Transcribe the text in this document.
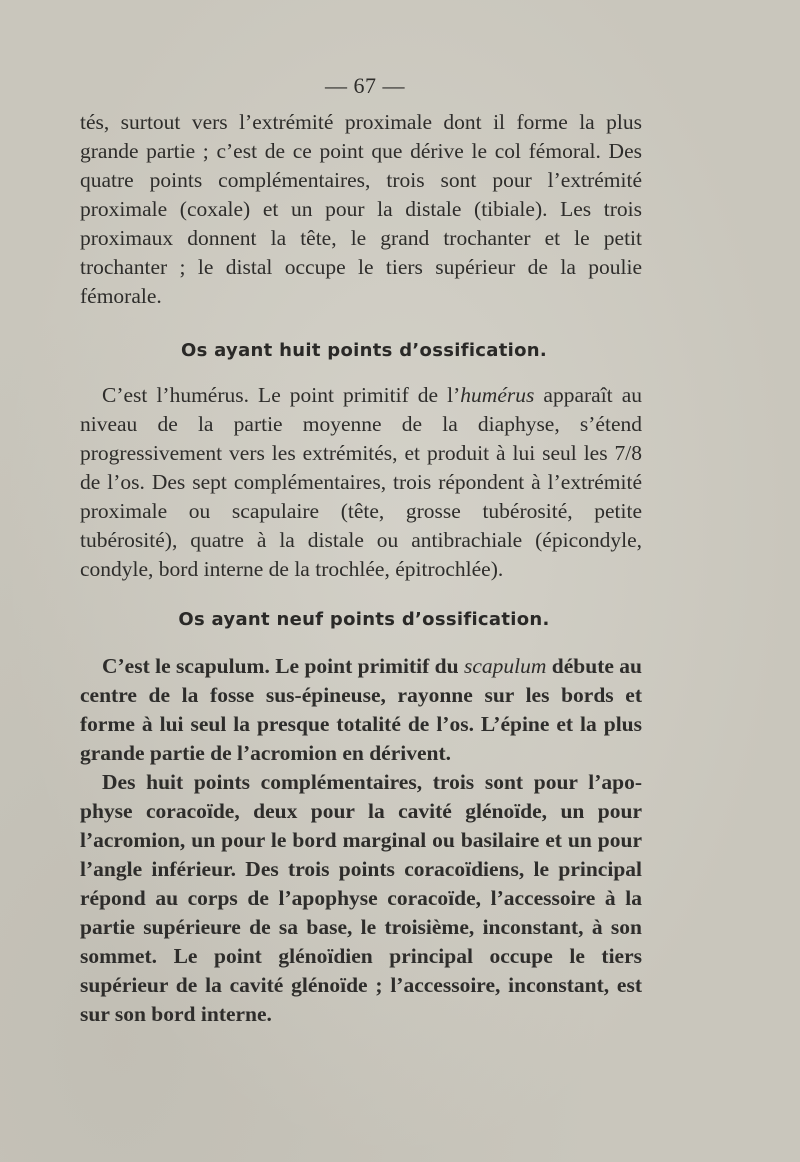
— 67 —

tés, surtout vers l’extrémité proximale dont il forme la plus grande partie ; c’est de ce point que dérive le col fémoral. Des quatre points complémentaires, trois sont pour l’extrémité proximale (coxale) et un pour la distale (tibiale). Les trois proximaux donnent la tête, le grand trochanter et le petit trochanter ; le distal occupe le tiers supérieur de la poulie fémorale.

Os ayant huit points d’ossification.

C’est l’humérus. Le point primitif de l’humérus apparaît au niveau de la partie moyenne de la diaphyse, s’étend progressivement vers les extrémités, et produit à lui seul les 7/8 de l’os. Des sept complémentaires, trois répondent à l’extrémité proximale ou scapulaire (tête, grosse tubérosité, petite tubérosité), quatre à la distale ou antibrachiale (épicondyle, condyle, bord interne de la trochlée, épitrochlée).

Os ayant neuf points d’ossification.

C’est le scapulum. Le point primitif du scapulum débute au centre de la fosse sus-épineuse, rayonne sur les bords et forme à lui seul la presque totalité de l’os. L’épine et la plus grande partie de l’acromion en dérivent.

Des huit points complémentaires, trois sont pour l’apophyse coracoïde, deux pour la cavité glénoïde, un pour l’acromion, un pour le bord marginal ou basilaire et un pour l’angle inférieur. Des trois points coracoïdiens, le principal répond au corps de l’apophyse coracoïde, l’accessoire à la partie supérieure de sa base, le troisième, inconstant, à son sommet. Le point glénoïdien principal occupe le tiers supérieur de la cavité glénoïde ; l’accessoire, inconstant, est sur son bord interne.
